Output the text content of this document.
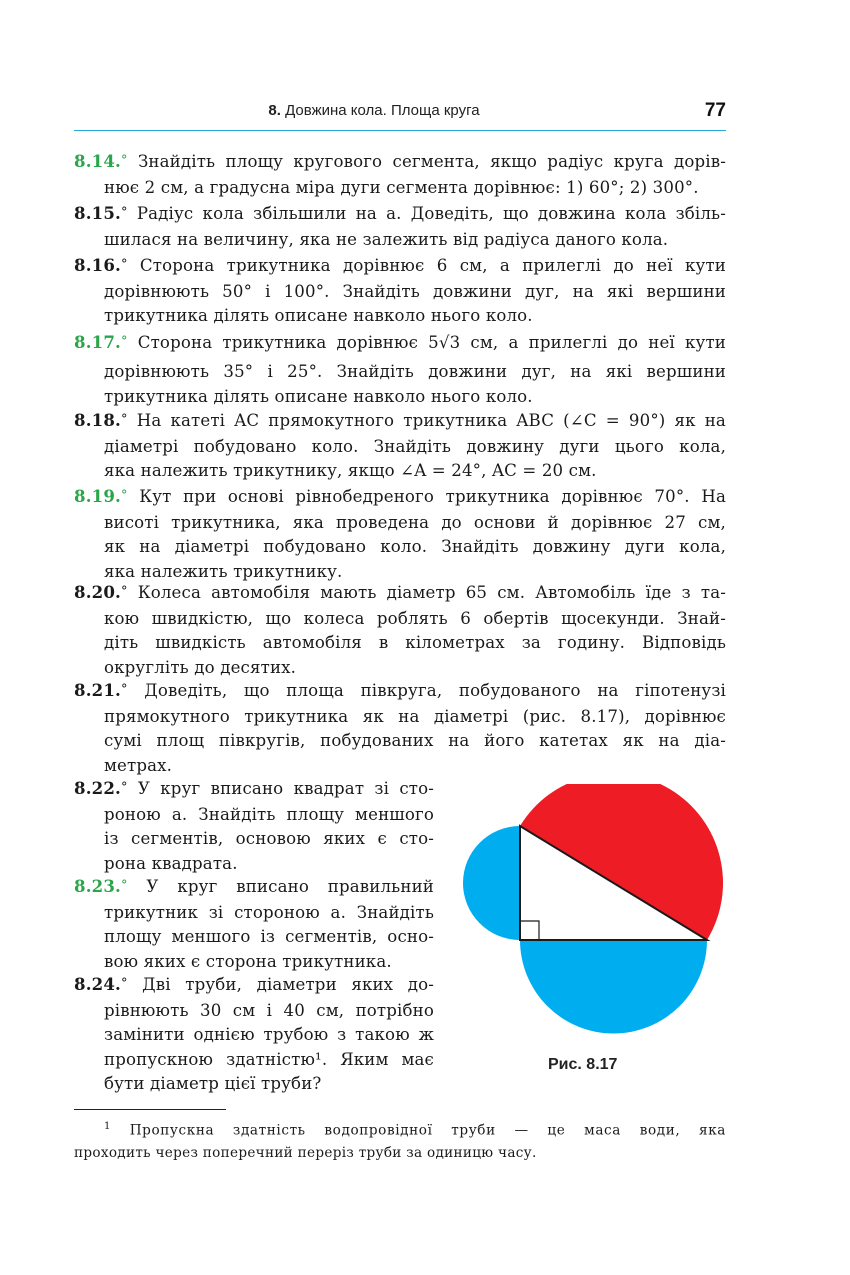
8. Довжина кола. Площа круга	77
8.14.° Знайдіть площу кругового сегмента, якщо радіус круга дорів-
нює 2 см, а градусна міра дуги сегмента дорівнює: 1) 60°; 2) 300°.
8.15.° Радіус кола збільшили на a. Доведіть, що довжина кола збіль-
шилася на величину, яка не залежить від радіуса даного кола.
8.16.° Сторона трикутника дорівнює 6 см, а прилеглі до неї кути
дорівнюють 50° і 100°. Знайдіть довжини дуг, на які вершини
трикутника ділять описане навколо нього коло.
8.17.° Сторона трикутника дорівнює 5√3 см, а прилеглі до неї кути
дорівнюють 35° і 25°. Знайдіть довжини дуг, на які вершини
трикутника ділять описане навколо нього коло.
8.18.° На катеті AC прямокутного трикутника ABC (∠C = 90°) як на
діаметрі побудовано коло. Знайдіть довжину дуги цього кола,
яка належить трикутнику, якщо ∠A = 24°, AC = 20 см.
8.19.° Кут при основі рівнобедреного трикутника дорівнює 70°. На
висоті трикутника, яка проведена до основи й дорівнює 27 см,
як на діаметрі побудовано коло. Знайдіть довжину дуги кола,
яка належить трикутнику.
8.20.° Колеса автомобіля мають діаметр 65 см. Автомобіль їде з та-
кою швидкістю, що колеса роблять 6 обертів щосекунди. Знай-
діть швидкість автомобіля в кілометрах за годину. Відповідь
округліть до десятих.
8.21.° Доведіть, що площа півкруга, побудованого на гіпотенузі
прямокутного трикутника як на діаметрі (рис. 8.17), дорівнює
сумі площ півкругів, побудованих на його катетах як на діа-
метрах.
8.22.° У круг вписано квадрат зі сто-
роною a. Знайдіть площу меншого
із сегментів, основою яких є сто-
рона квадрата.
8.23.° У круг вписано правильний
трикутник зі стороною a. Знайдіть
площу меншого із сегментів, осно-
вою яких є сторона трикутника.
8.24.° Дві труби, діаметри яких до-
рівнюють 30 см і 40 см, потрібно
замінити однією трубою з такою ж
пропускною здатністю¹. Яким має
бути діаметр цієї труби?
Рис. 8.17
$^1$ Пропускна здатність водопровідної труби — це маса води, яка
проходить через поперечний переріз труби за одиницю часу.
